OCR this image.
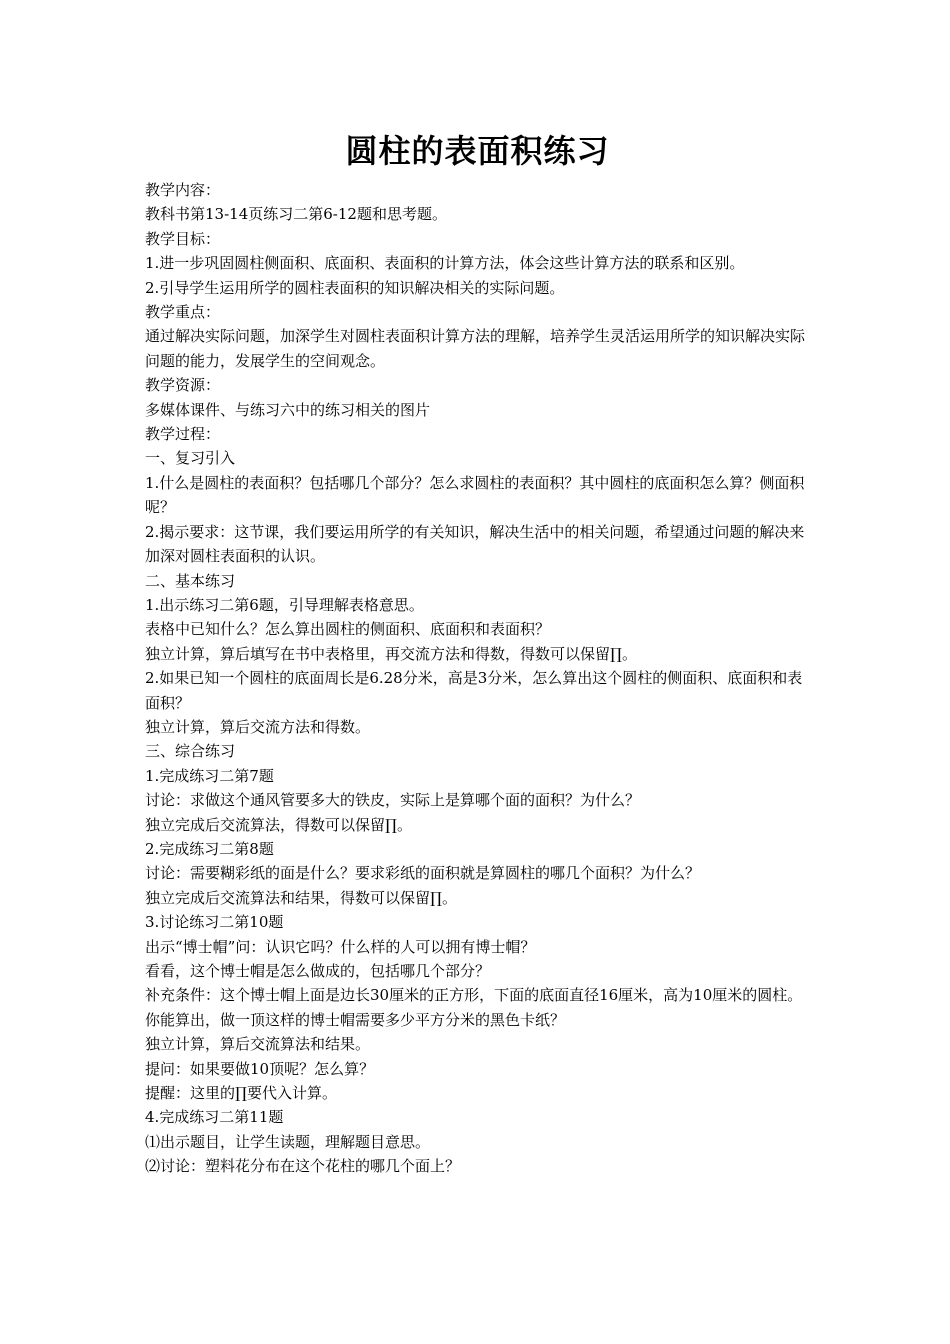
圆柱的表面积练习

教学内容：

教科书第13-14页练习二第6-12题和思考题。

教学目标：

1.进一步巩固圆柱侧面积、底面积、表面积的计算方法，体会这些计算方法的联系和区别。

2.引导学生运用所学的圆柱表面积的知识解决相关的实际问题。

教学重点：

通过解决实际问题，加深学生对圆柱表面积计算方法的理解，培养学生灵活运用所学的知识解决实际问题的能力，发展学生的空间观念。

教学资源：

多媒体课件、与练习六中的练习相关的图片

教学过程：

一、复习引入

1.什么是圆柱的表面积？包括哪几个部分？怎么求圆柱的表面积？其中圆柱的底面积怎么算？侧面积呢？

2.揭示要求：这节课，我们要运用所学的有关知识，解决生活中的相关问题，希望通过问题的解决来加深对圆柱表面积的认识。

二、基本练习

1.出示练习二第6题，引导理解表格意思。

表格中已知什么？怎么算出圆柱的侧面积、底面积和表面积？

独立计算，算后填写在书中表格里，再交流方法和得数，得数可以保留∏。

2.如果已知一个圆柱的底面周长是6.28分米，高是3分米，怎么算出这个圆柱的侧面积、底面积和表面积？

独立计算，算后交流方法和得数。

三、综合练习

1.完成练习二第7题

讨论：求做这个通风管要多大的铁皮，实际上是算哪个面的面积？为什么？

独立完成后交流算法，得数可以保留∏。

2.完成练习二第8题

讨论：需要糊彩纸的面是什么？要求彩纸的面积就是算圆柱的哪几个面积？为什么？

独立完成后交流算法和结果，得数可以保留∏。

3.讨论练习二第10题

出示“博士帽”问：认识它吗？什么样的人可以拥有博士帽？

看看，这个博士帽是怎么做成的，包括哪几个部分？

补充条件：这个博士帽上面是边长30厘米的正方形，下面的底面直径16厘米，高为10厘米的圆柱。

你能算出，做一顶这样的博士帽需要多少平方分米的黑色卡纸？

独立计算，算后交流算法和结果。

提问：如果要做10顶呢？怎么算？

提醒：这里的∏要代入计算。

4.完成练习二第11题

⑴出示题目，让学生读题，理解题目意思。

⑵讨论：塑料花分布在这个花柱的哪几个面上？
